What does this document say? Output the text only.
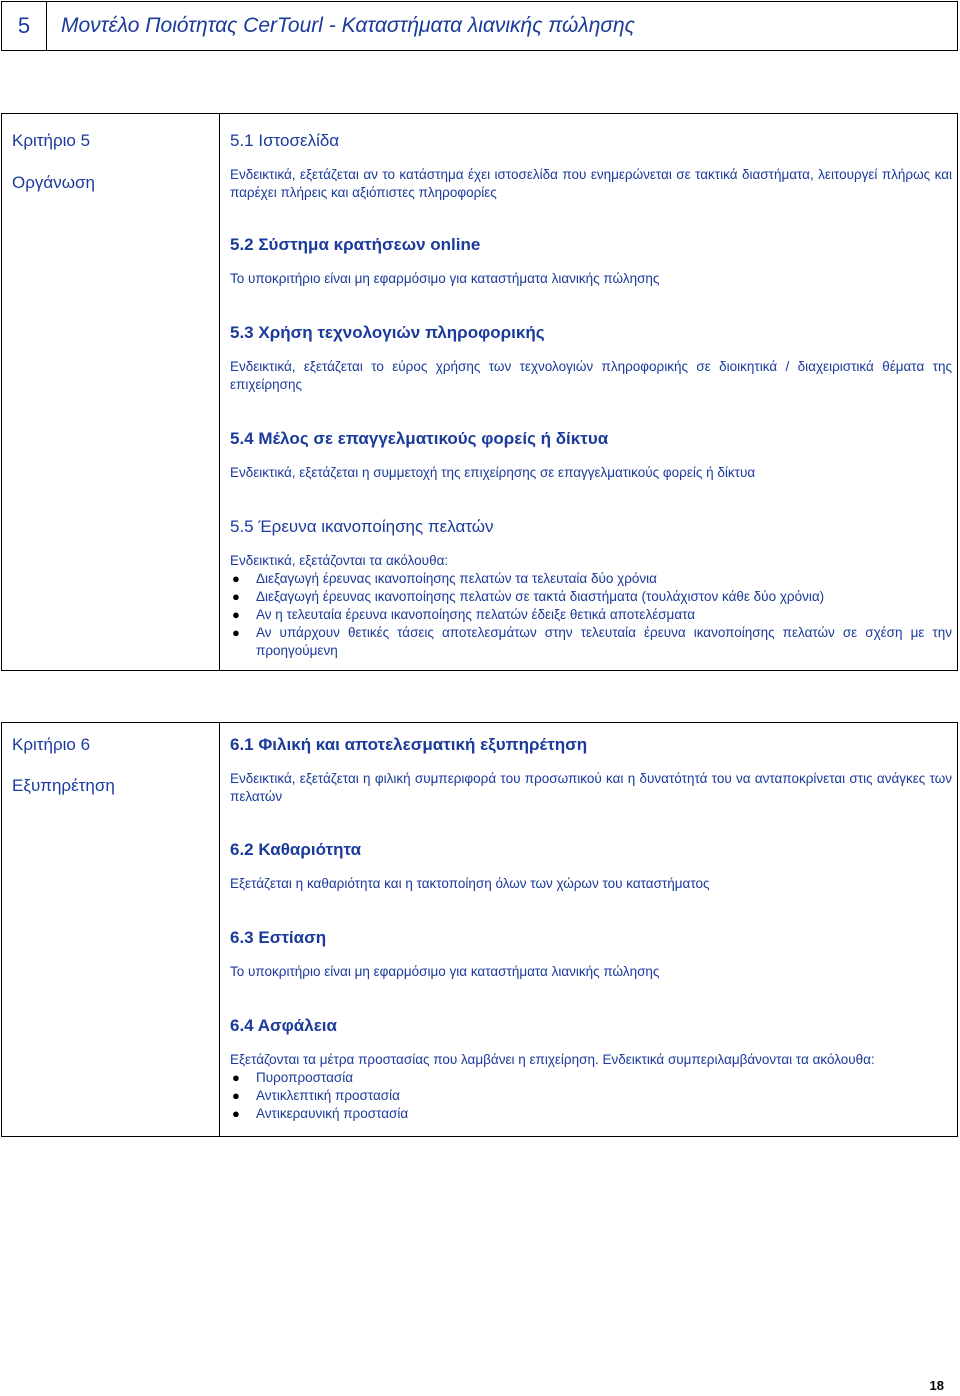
5	Μοντέλο Ποιότητας CerTourl - Καταστήματα λιανικής πώλησης
Κριτήριο 5
Οργάνωση
5.1 Ιστοσελίδα

Ενδεικτικά, εξετάζεται αν το κατάστημα έχει ιστοσελίδα που ενημερώνεται σε τακτικά διαστήματα, λειτουργεί πλήρως και παρέχει πλήρεις και αξιόπιστες πληροφορίες

5.2 Σύστημα κρατήσεων online

Το υποκριτήριο είναι μη εφαρμόσιμο για καταστήματα λιανικής πώλησης

5.3 Χρήση τεχνολογιών πληροφορικής

Ενδεικτικά, εξετάζεται το εύρος χρήσης των τεχνολογιών πληροφορικής σε διοικητικά / διαχειριστικά θέματα της επιχείρησης

5.4 Μέλος σε επαγγελματικούς φορείς ή δίκτυα

Ενδεικτικά, εξετάζεται η συμμετοχή της επιχείρησης σε επαγγελματικούς φορείς ή δίκτυα

5.5 Έρευνα ικανοποίησης πελατών

Ενδεικτικά, εξετάζονται τα ακόλουθα:

● Διεξαγωγή έρευνας ικανοποίησης πελατών τα τελευταία δύο χρόνια
● Διεξαγωγή έρευνας ικανοποίησης πελατών σε τακτά διαστήματα (τουλάχιστον κάθε δύο χρόνια)
● Αν η τελευταία έρευνα ικανοποίησης πελατών έδειξε θετικά αποτελέσματα
● Αν υπάρχουν θετικές τάσεις αποτελεσμάτων στην τελευταία έρευνα ικανοποίησης πελατών σε σχέση με την προηγούμενη
Κριτήριο 6
Εξυπηρέτηση
6.1 Φιλική και αποτελεσματική εξυπηρέτηση

Ενδεικτικά, εξετάζεται η φιλική συμπεριφορά του προσωπικού και η δυνατότητά του να ανταποκρίνεται στις ανάγκες των πελατών

6.2 Καθαριότητα

Εξετάζεται η καθαριότητα και η τακτοποίηση όλων των χώρων του καταστήματος

6.3 Εστίαση

Το υποκριτήριο είναι μη εφαρμόσιμο για καταστήματα λιανικής πώλησης

6.4 Ασφάλεια

Εξετάζονται τα μέτρα προστασίας που λαμβάνει η επιχείρηση. Ενδεικτικά συμπεριλαμβάνονται τα ακόλουθα:

● Πυροπροστασία
● Αντικλεπτική προστασία
● Αντικεραυνική προστασία
18
